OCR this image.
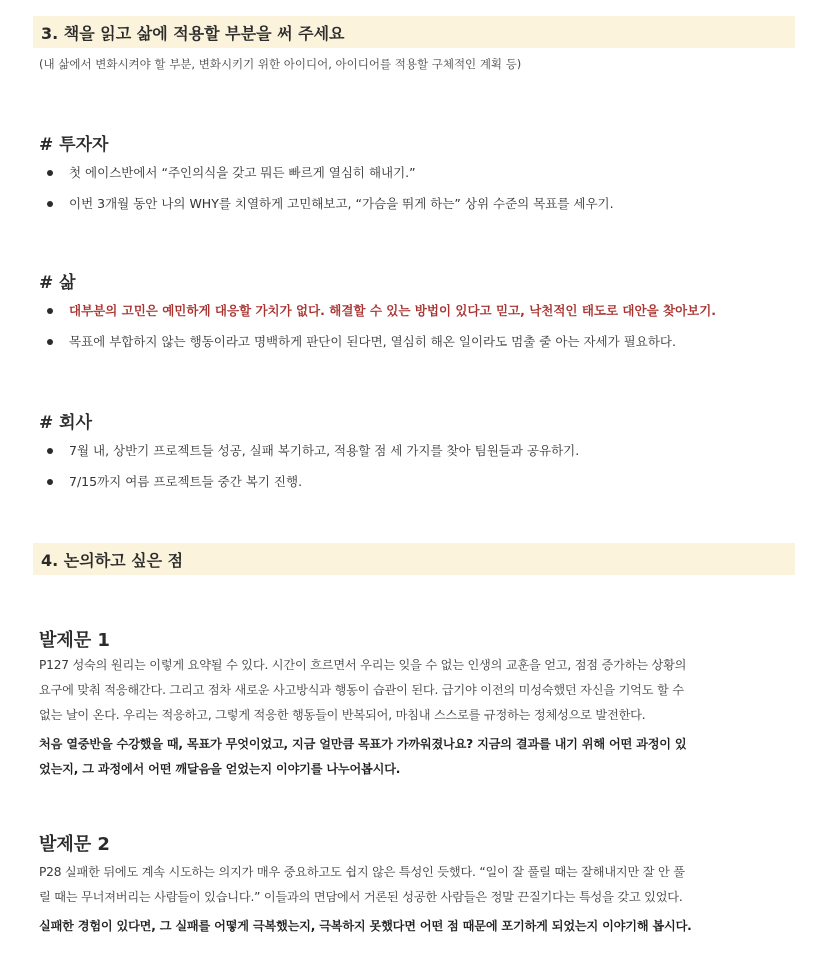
3. 책을 읽고 삶에 적용할 부분을 써 주세요
(내 삶에서 변화시켜야 할 부분, 변화시키기 위한 아이디어, 아이디어를 적용할 구체적인 계획 등)
# 투자자
첫 에이스반에서 “주인의식을 갖고 뭐든 빠르게 열심히 해내기.”
이번 3개월 동안 나의 WHY를 치열하게 고민해보고, “가슴을 뛰게 하는” 상위 수준의 목표를 세우기.
# 삶
대부분의 고민은 예민하게 대응할 가치가 없다. 해결할 수 있는 방법이 있다고 믿고, 낙천적인 태도로 대안을 찾아보기.
목표에 부합하지 않는 행동이라고 명백하게 판단이 된다면, 열심히 해온 일이라도 멈출 줄 아는 자세가 필요하다.
# 회사
7월 내, 상반기 프로젝트들 성공, 실패 복기하고, 적용할 점 세 가지를 찾아 팀원들과 공유하기.
7/15까지 여름 프로젝트들 중간 복기 진행.
4. 논의하고 싶은 점
발제문 1
P127 성숙의 원리는 이렇게 요약될 수 있다. 시간이 흐르면서 우리는 잊을 수 없는 인생의 교훈을 얻고, 점점 증가하는 상황의
요구에 맞춰 적응해간다. 그리고 점차 새로운 사고방식과 행동이 습관이 된다. 급기야 이전의 미성숙했던 자신을 기억도 할 수
없는 날이 온다. 우리는 적응하고, 그렇게 적응한 행동들이 반복되어, 마침내 스스로를 규정하는 정체성으로 발전한다.
처음 열중반을 수강했을 때, 목표가 무엇이었고, 지금 얼만큼 목표가 가까워졌나요? 지금의 결과를 내기 위해 어떤 과정이 있
었는지, 그 과정에서 어떤 깨달음을 얻었는지 이야기를 나누어봅시다.
발제문 2
P28 실패한 뒤에도 계속 시도하는 의지가 매우 중요하고도 쉽지 않은 특성인 듯했다. “일이 잘 풀릴 때는 잘해내지만 잘 안 풀
릴 때는 무너져버리는 사람들이 있습니다.” 이들과의 면담에서 거론된 성공한 사람들은 정말 끈질기다는 특성을 갖고 있었다.
실패한 경험이 있다면, 그 실패를 어떻게 극복했는지, 극복하지 못했다면 어떤 점 때문에 포기하게 되었는지 이야기해 봅시다.
